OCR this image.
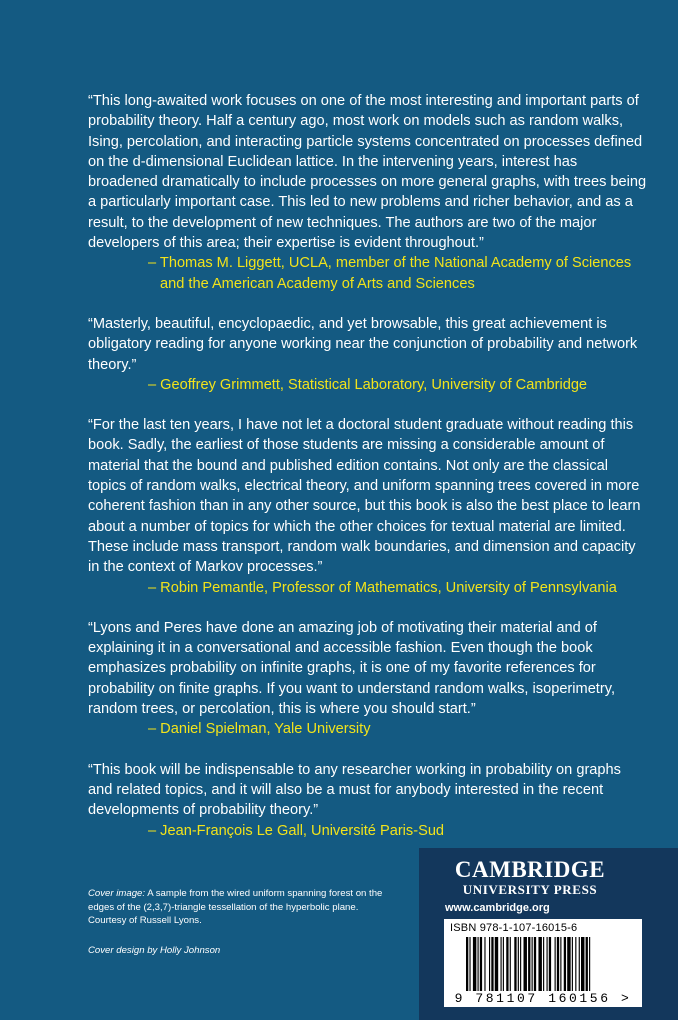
“This long-awaited work focuses on one of the most interesting and important parts of probability theory. Half a century ago, most work on models such as random walks, Ising, percolation, and interacting particle systems concentrated on processes defined on the d-dimensional Euclidean lattice. In the intervening years, interest has broadened dramatically to include processes on more general graphs, with trees being a particularly important case. This led to new problems and richer behavior, and as a result, to the development of new techniques. The authors are two of the major developers of this area; their expertise is evident throughout.”

– Thomas M. Liggett, UCLA, member of the National Academy of Sciences and the American Academy of Arts and Sciences

“Masterly, beautiful, encyclopaedic, and yet browsable, this great achievement is obligatory reading for anyone working near the conjunction of probability and network theory.”

– Geoffrey Grimmett, Statistical Laboratory, University of Cambridge

“For the last ten years, I have not let a doctoral student graduate without reading this book. Sadly, the earliest of those students are missing a considerable amount of material that the bound and published edition contains. Not only are the classical topics of random walks, electrical theory, and uniform spanning trees covered in more coherent fashion than in any other source, but this book is also the best place to learn about a number of topics for which the other choices for textual material are limited. These include mass transport, random walk boundaries, and dimension and capacity in the context of Markov processes.”

– Robin Pemantle, Professor of Mathematics, University of Pennsylvania

“Lyons and Peres have done an amazing job of motivating their material and of explaining it in a conversational and accessible fashion. Even though the book emphasizes probability on infinite graphs, it is one of my favorite references for probability on finite graphs. If you want to understand random walks, isoperimetry, random trees, or percolation, this is where you should start.”

– Daniel Spielman, Yale University

“This book will be indispensable to any researcher working in probability on graphs and related topics, and it will also be a must for anybody interested in the recent developments of probability theory.”

– Jean-François Le Gall, Université Paris-Sud

Cover image: A sample from the wired uniform spanning forest on the edges of the (2,3,7)-triangle tessellation of the hyperbolic plane. Courtesy of Russell Lyons.

Cover design by Holly Johnson

CAMBRIDGE
UNIVERSITY PRESS
www.cambridge.org
ISBN 978-1-107-16015-6
9 781107 160156 >
